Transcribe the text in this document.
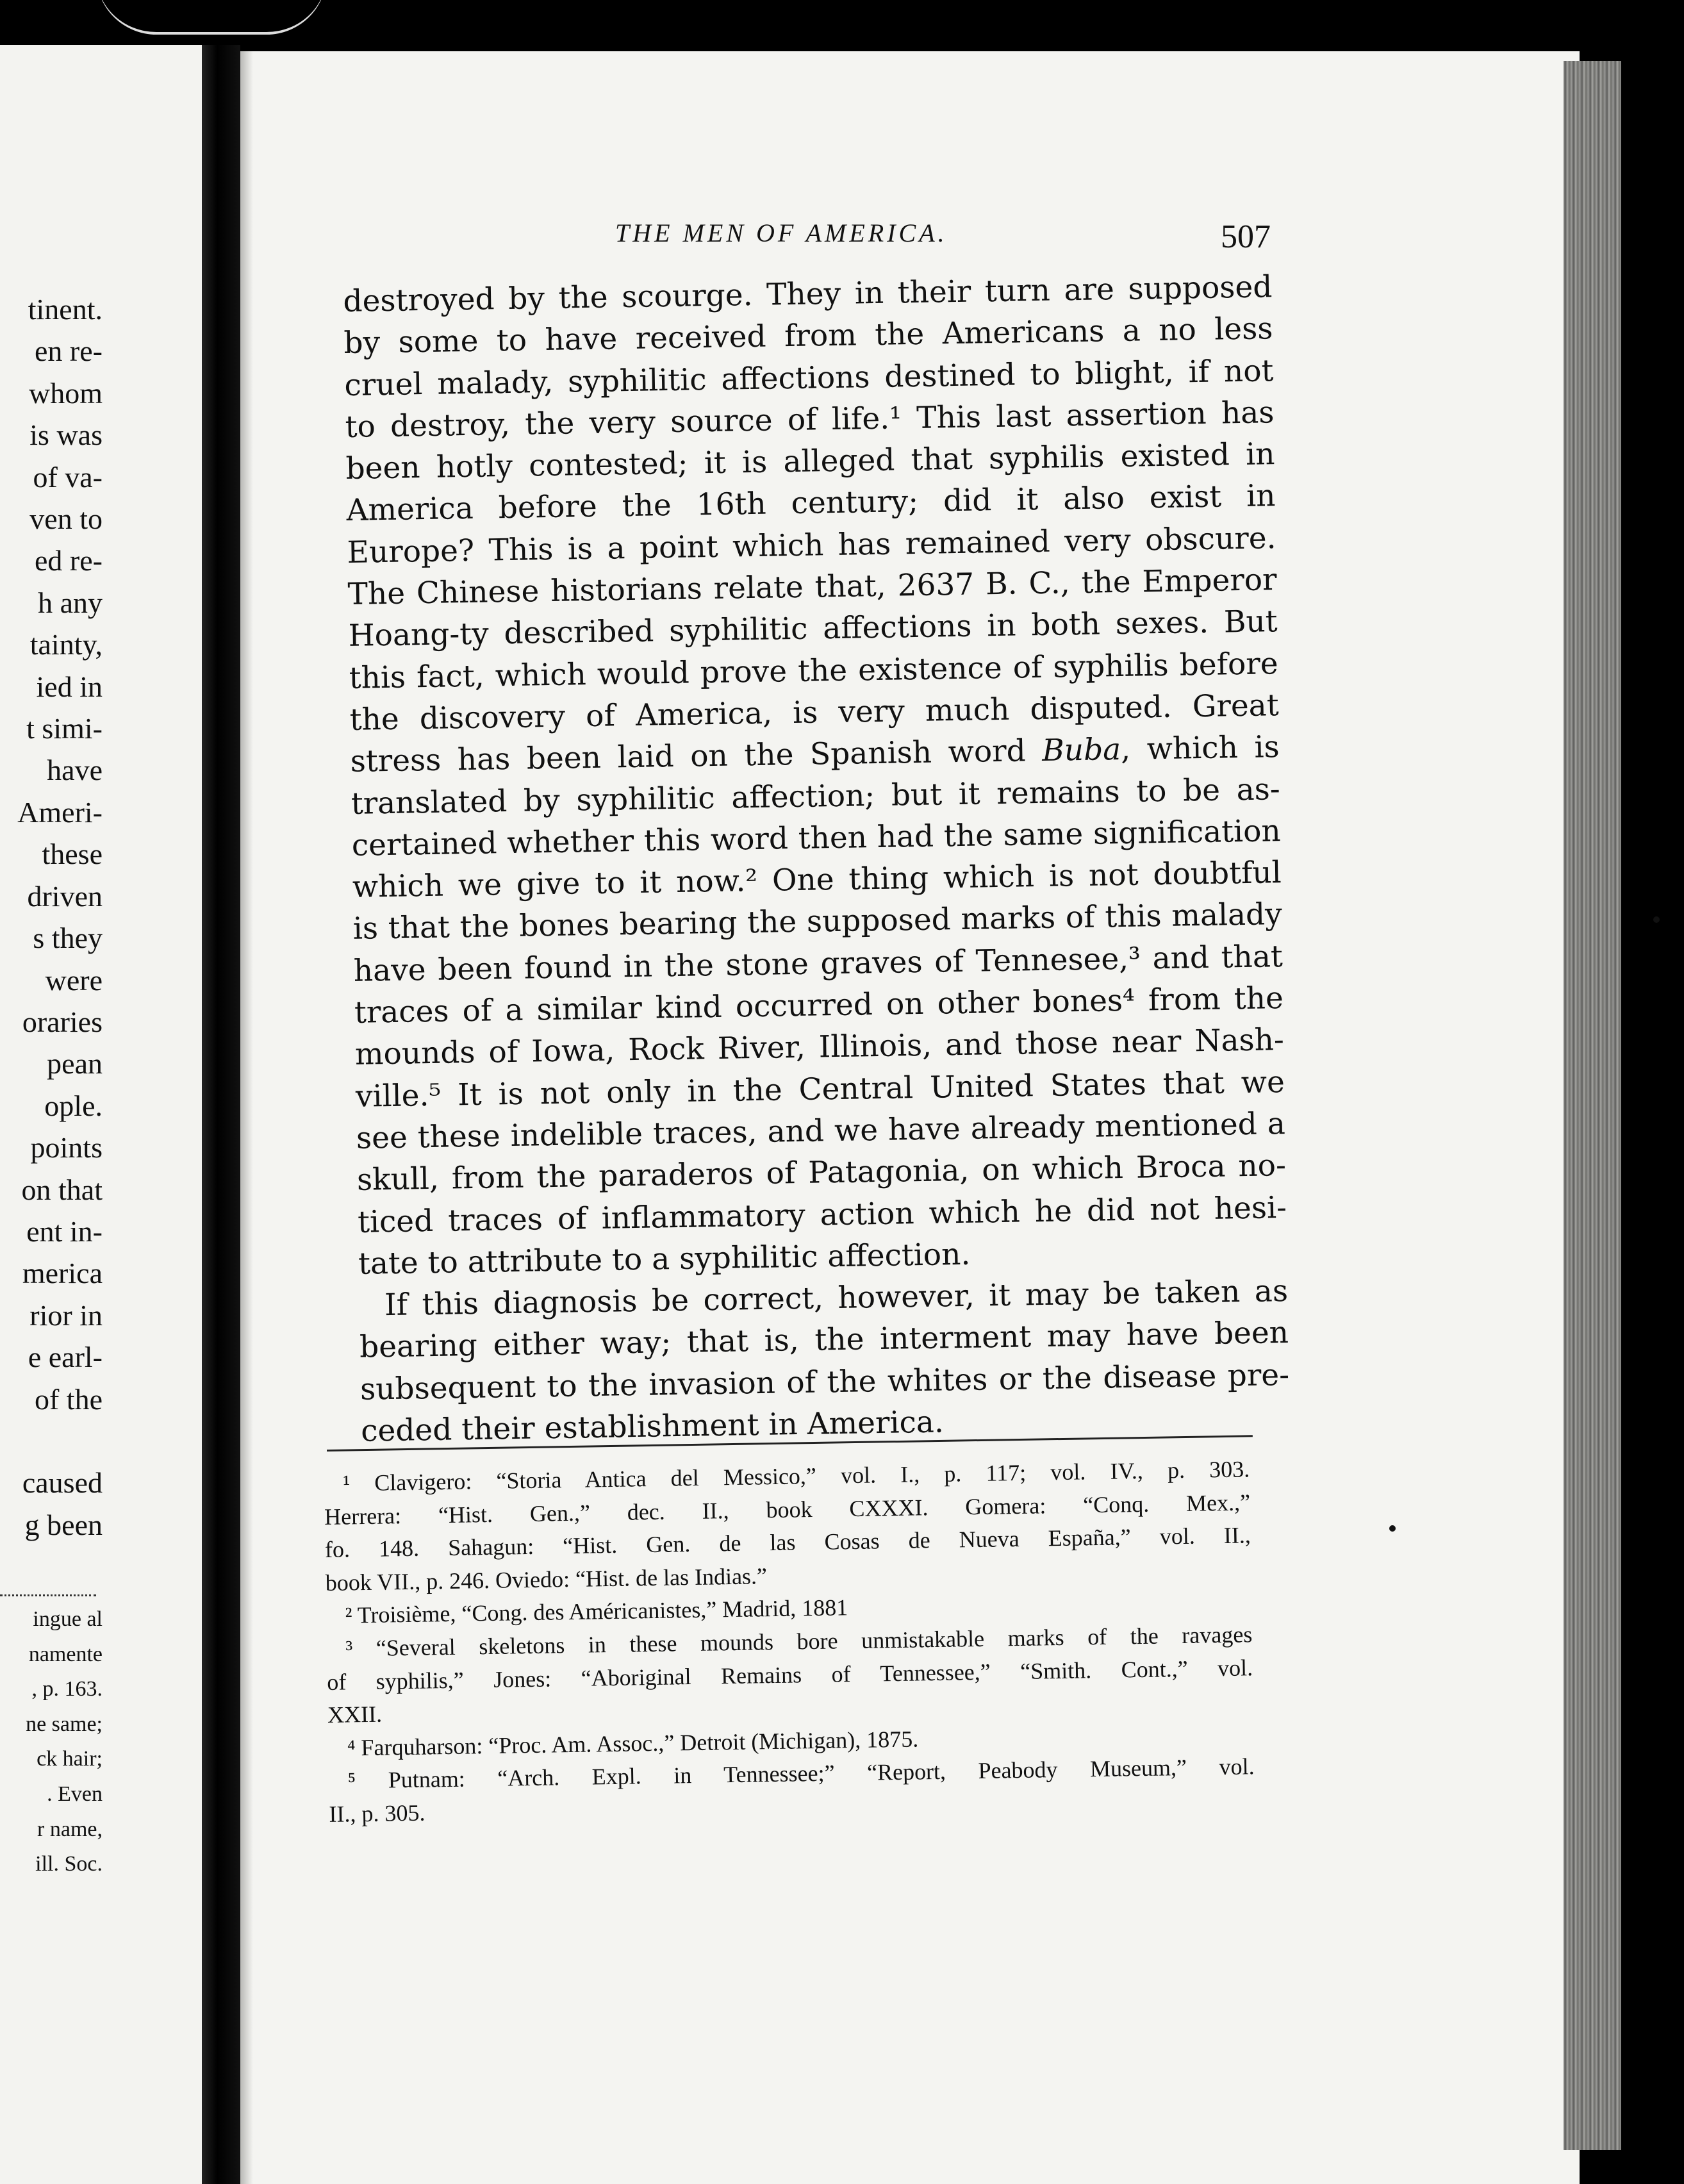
tinent.
en re-
whom
is was
of va-
ven to
ed re-
h any
tainty,
ied in
t simi-
have
Ameri-
these
driven
s they
were
oraries
pean
ople.
points
on that
ent in-
merica
rior in
e earl-
of the

caused
g been
ingue al
namente
, p. 163.
ne same;
ck hair;
. Even
r name,
ill. Soc.
THE MEN OF AMERICA.	507
destroyed by the scourge. They in their turn are supposed
by some to have received from the Americans a no less
cruel malady, syphilitic affections destined to blight, if not
to destroy, the very source of life.¹ This last assertion has
been hotly contested; it is alleged that syphilis existed in
America before the 16th century; did it also exist in
Europe? This is a point which has remained very obscure.
The Chinese historians relate that, 2637 B. C., the Emperor
Hoang-ty described syphilitic affections in both sexes. But
this fact, which would prove the existence of syphilis before
the discovery of America, is very much disputed. Great
stress has been laid on the Spanish word Buba, which is
translated by syphilitic affection; but it remains to be as-
certained whether this word then had the same signification
which we give to it now.² One thing which is not doubtful
is that the bones bearing the supposed marks of this malady
have been found in the stone graves of Tennesee,³ and that
traces of a similar kind occurred on other bones⁴ from the
mounds of Iowa, Rock River, Illinois, and those near Nash-
ville.⁵ It is not only in the Central United States that we
see these indelible traces, and we have already mentioned a
skull, from the paraderos of Patagonia, on which Broca no-
ticed traces of inflammatory action which he did not hesi-
tate to attribute to a syphilitic affection.
If this diagnosis be correct, however, it may be taken as
bearing either way; that is, the interment may have been
subsequent to the invasion of the whites or the disease pre-
ceded their establishment in America.
¹ Clavigero: “Storia Antica del Messico,” vol. I., p. 117; vol. IV., p. 303.
Herrera: “Hist. Gen.,” dec. II., book CXXXI. Gomera: “Conq. Mex.,”
fo. 148. Sahagun: “Hist. Gen. de las Cosas de Nueva España,” vol. II.,
book VII., p. 246. Oviedo: “Hist. de las Indias.”
² Troisième, “Cong. des Américanistes,” Madrid, 1881
³ “Several skeletons in these mounds bore unmistakable marks of the ravages
of syphilis,” Jones: “Aboriginal Remains of Tennessee,” “Smith. Cont.,” vol.
XXII.
⁴ Farquharson: “Proc. Am. Assoc.,” Detroit (Michigan), 1875.
⁵ Putnam: “Arch. Expl. in Tennessee;” “Report, Peabody Museum,” vol.
II., p. 305.
